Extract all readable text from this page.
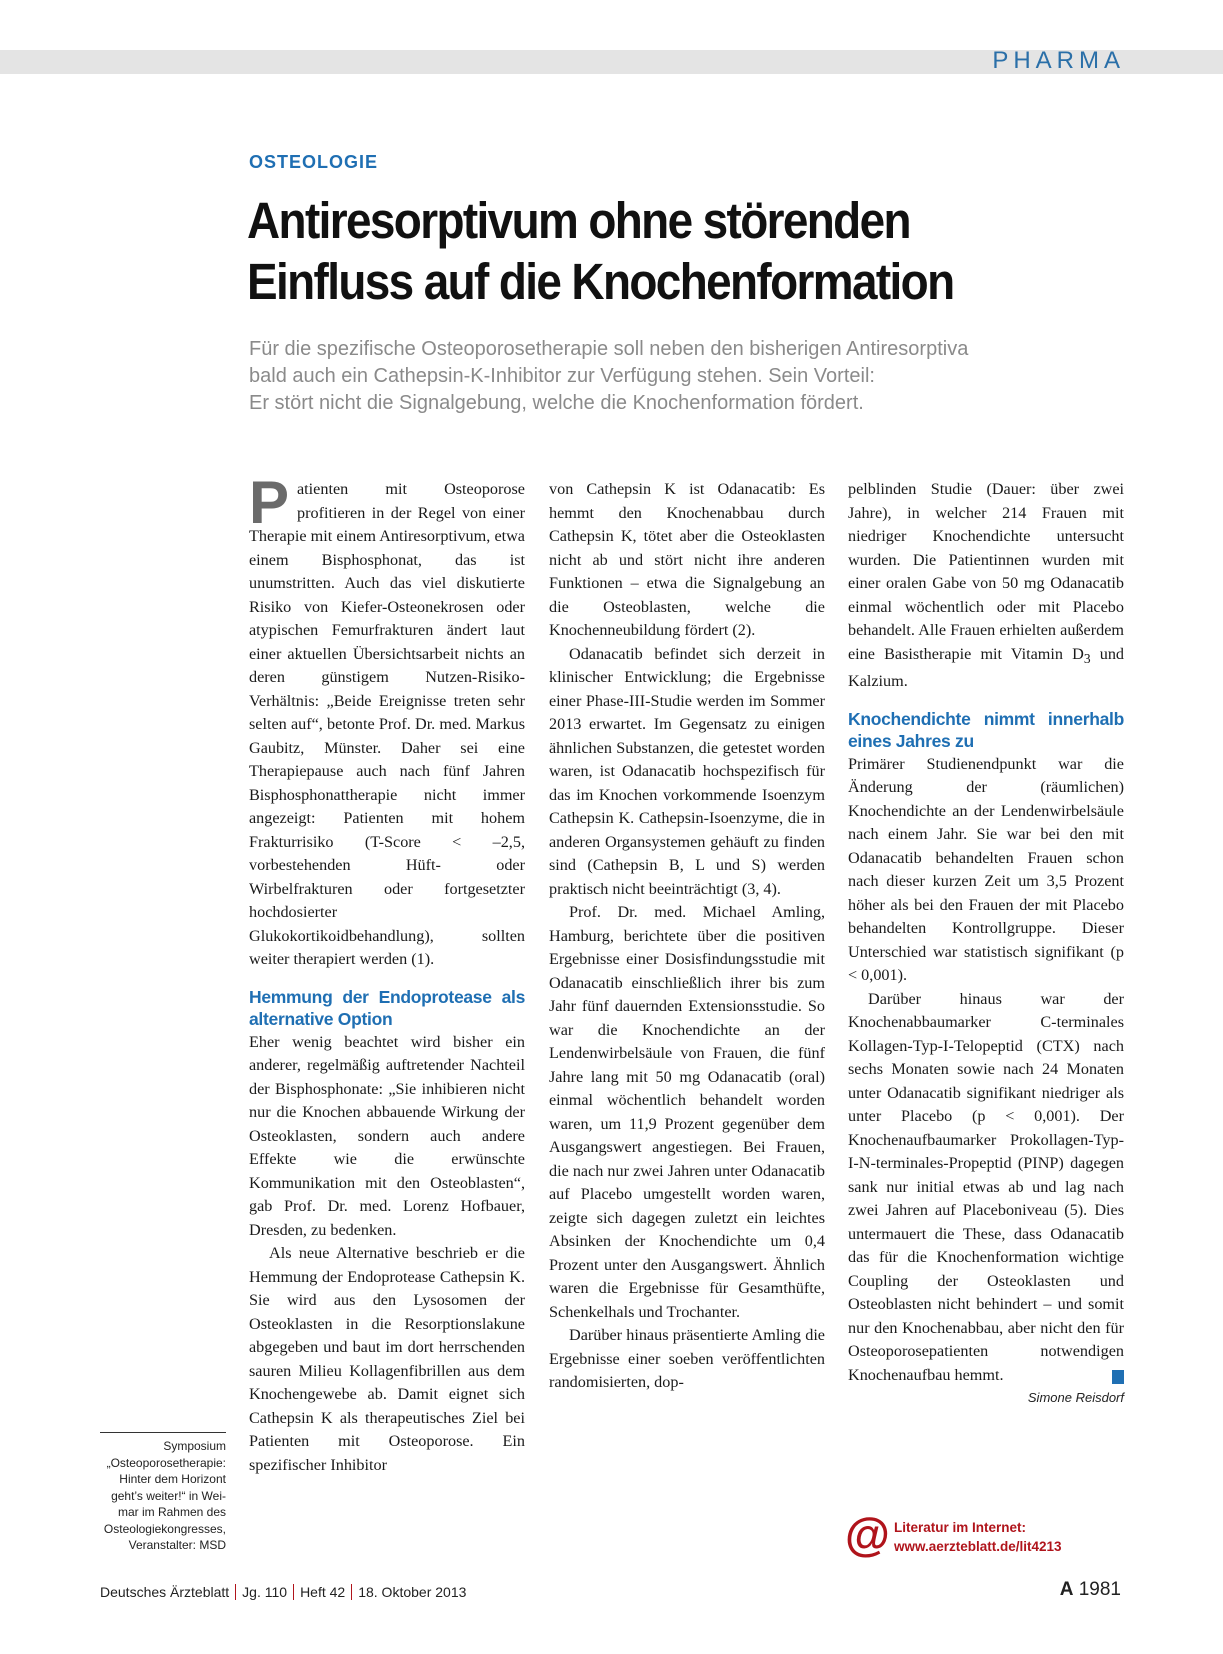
PHARMA
OSTEOLOGIE
Antiresorptivum ohne störenden
Einfluss auf die Knochenformation
Für die spezifische Osteoporosetherapie soll neben den bisherigen Antiresorptiva
bald auch ein Cathepsin-K-Inhibitor zur Verfügung stehen. Sein Vorteil:
Er stört nicht die Signalgebung, welche die Knochenformation fördert.

Patienten mit Osteoporose profitieren in der Regel von einer Therapie mit einem Antiresorptivum, etwa einem Bisphosphonat, das ist unumstritten. Auch das viel diskutierte Risiko von Kiefer-Osteonekrosen oder atypischen Femurfrakturen ändert laut einer aktuellen Übersichtsarbeit nichts an deren günstigem Nutzen-Risiko-Verhältnis: „Beide Ereignisse treten sehr selten auf“, betonte Prof. Dr. med. Markus Gaubitz, Münster. Daher sei eine Therapiepause auch nach fünf Jahren Bisphosphonattherapie nicht immer angezeigt: Patienten mit hohem Frakturrisiko (T-Score < –2,5, vorbestehenden Hüft- oder Wirbelfrakturen oder fortgesetzter hochdosierter Glukokortikoidbehandlung), sollten weiter therapiert werden (1).

Hemmung der Endoprotease als alternative Option

Eher wenig beachtet wird bisher ein anderer, regelmäßig auftretender Nachteil der Bisphosphonate: „Sie inhibieren nicht nur die Knochen abbauende Wirkung der Osteoklasten, sondern auch andere Effekte wie die erwünschte Kommunikation mit den Osteoblasten“, gab Prof. Dr. med. Lorenz Hofbauer, Dresden, zu bedenken.

Als neue Alternative beschrieb er die Hemmung der Endoprotease Cathepsin K. Sie wird aus den Lysosomen der Osteoklasten in die Resorptionslakune abgegeben und baut im dort herrschenden sauren Milieu Kollagenfibrillen aus dem Knochengewebe ab. Damit eignet sich Cathepsin K als therapeutisches Ziel bei Patienten mit Osteoporose. Ein spezifischer Inhibitor

von Cathepsin K ist Odanacatib: Es hemmt den Knochenabbau durch Cathepsin K, tötet aber die Osteoklasten nicht ab und stört nicht ihre anderen Funktionen – etwa die Signalgebung an die Osteoblasten, welche die Knochenneubildung fördert (2).

Odanacatib befindet sich derzeit in klinischer Entwicklung; die Ergebnisse einer Phase-III-Studie werden im Sommer 2013 erwartet. Im Gegensatz zu einigen ähnlichen Substanzen, die getestet worden waren, ist Odanacatib hochspezifisch für das im Knochen vorkommende Isoenzym Cathepsin K. Cathepsin-Isoenzyme, die in anderen Organsystemen gehäuft zu finden sind (Cathepsin B, L und S) werden praktisch nicht beeinträchtigt (3, 4).

Prof. Dr. med. Michael Amling, Hamburg, berichtete über die positiven Ergebnisse einer Dosisfindungsstudie mit Odanacatib einschließlich ihrer bis zum Jahr fünf dauernden Extensionsstudie. So war die Knochendichte an der Lendenwirbelsäule von Frauen, die fünf Jahre lang mit 50 mg Odanacatib (oral) einmal wöchentlich behandelt worden waren, um 11,9 Prozent gegenüber dem Ausgangswert angestiegen. Bei Frauen, die nach nur zwei Jahren unter Odanacatib auf Placebo umgestellt worden waren, zeigte sich dagegen zuletzt ein leichtes Absinken der Knochendichte um 0,4 Prozent unter den Ausgangswert. Ähnlich waren die Ergebnisse für Gesamthüfte, Schenkelhals und Trochanter.

Darüber hinaus präsentierte Amling die Ergebnisse einer soeben veröffentlichten randomisierten, dop-

pelblinden Studie (Dauer: über zwei Jahre), in welcher 214 Frauen mit niedriger Knochendichte untersucht wurden. Die Patientinnen wurden mit einer oralen Gabe von 50 mg Odanacatib einmal wöchentlich oder mit Placebo behandelt. Alle Frauen erhielten außerdem eine Basistherapie mit Vitamin $D_3$ und Kalzium.

Knochendichte nimmt innerhalb eines Jahres zu

Primärer Studienendpunkt war die Änderung der (räumlichen) Knochendichte an der Lendenwirbelsäule nach einem Jahr. Sie war bei den mit Odanacatib behandelten Frauen schon nach dieser kurzen Zeit um 3,5 Prozent höher als bei den Frauen der mit Placebo behandelten Kontrollgruppe. Dieser Unterschied war statistisch signifikant (p < 0,001).

Darüber hinaus war der Knochenabbaumarker C-terminales Kollagen-Typ-I-Telopeptid (CTX) nach sechs Monaten sowie nach 24 Monaten unter Odanacatib signifikant niedriger als unter Placebo (p < 0,001). Der Knochenaufbaumarker Prokollagen-Typ-I-N-terminales-Propeptid (PINP) dagegen sank nur initial etwas ab und lag nach zwei Jahren auf Placeboniveau (5). Dies untermauert die These, dass Odanacatib das für die Knochenformation wichtige Coupling der Osteoklasten und Osteoblasten nicht behindert – und somit nur den Knochenabbau, aber nicht den für Osteoporosepatienten notwendigen Knochenaufbau hemmt.

Simone Reisdorf
Symposium
„Osteoporosetherapie:
Hinter dem Horizont
geht’s weiter!“ in Wei-
mar im Rahmen des
Osteologiekongresses,
Veranstalter: MSD	@ Literatur im Internet:
www.aerzteblatt.de/lit4213
Deutsches Ärzteblatt Jg. 110 Heft 42 18. Oktober 2013	A 1981
